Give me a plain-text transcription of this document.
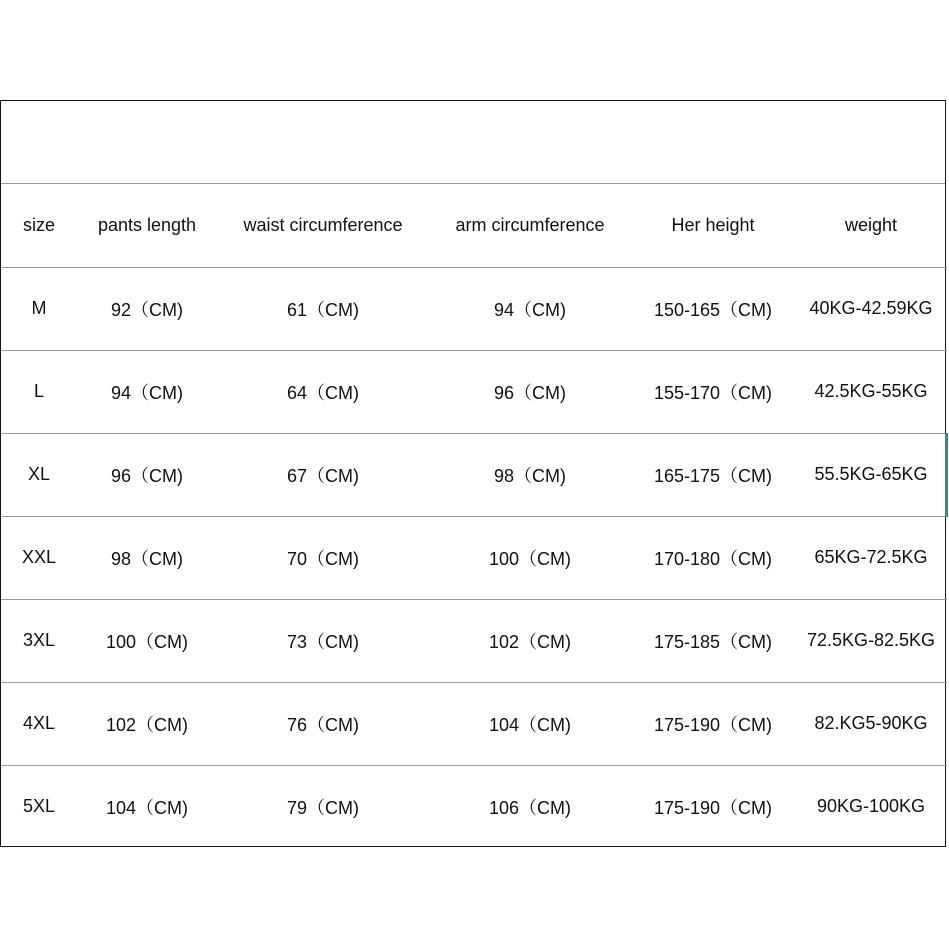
size	pants length	waist circumference	arm circumference	Her height	weight
M	92（CM)	61（CM)	94（CM)	150-165（CM)	40KG-42.59KG
L	94（CM)	64（CM)	96（CM)	155-170（CM)	42.5KG-55KG
XL	96（CM)	67（CM)	98（CM)	165-175（CM)	55.5KG-65KG
XXL	98（CM)	70（CM)	100（CM)	170-180（CM)	65KG-72.5KG
3XL	100（CM)	73（CM)	102（CM)	175-185（CM)	72.5KG-82.5KG
4XL	102（CM)	76（CM)	104（CM)	175-190（CM)	82.KG5-90KG
5XL	104（CM)	79（CM)	106（CM)	175-190（CM)	90KG-100KG
